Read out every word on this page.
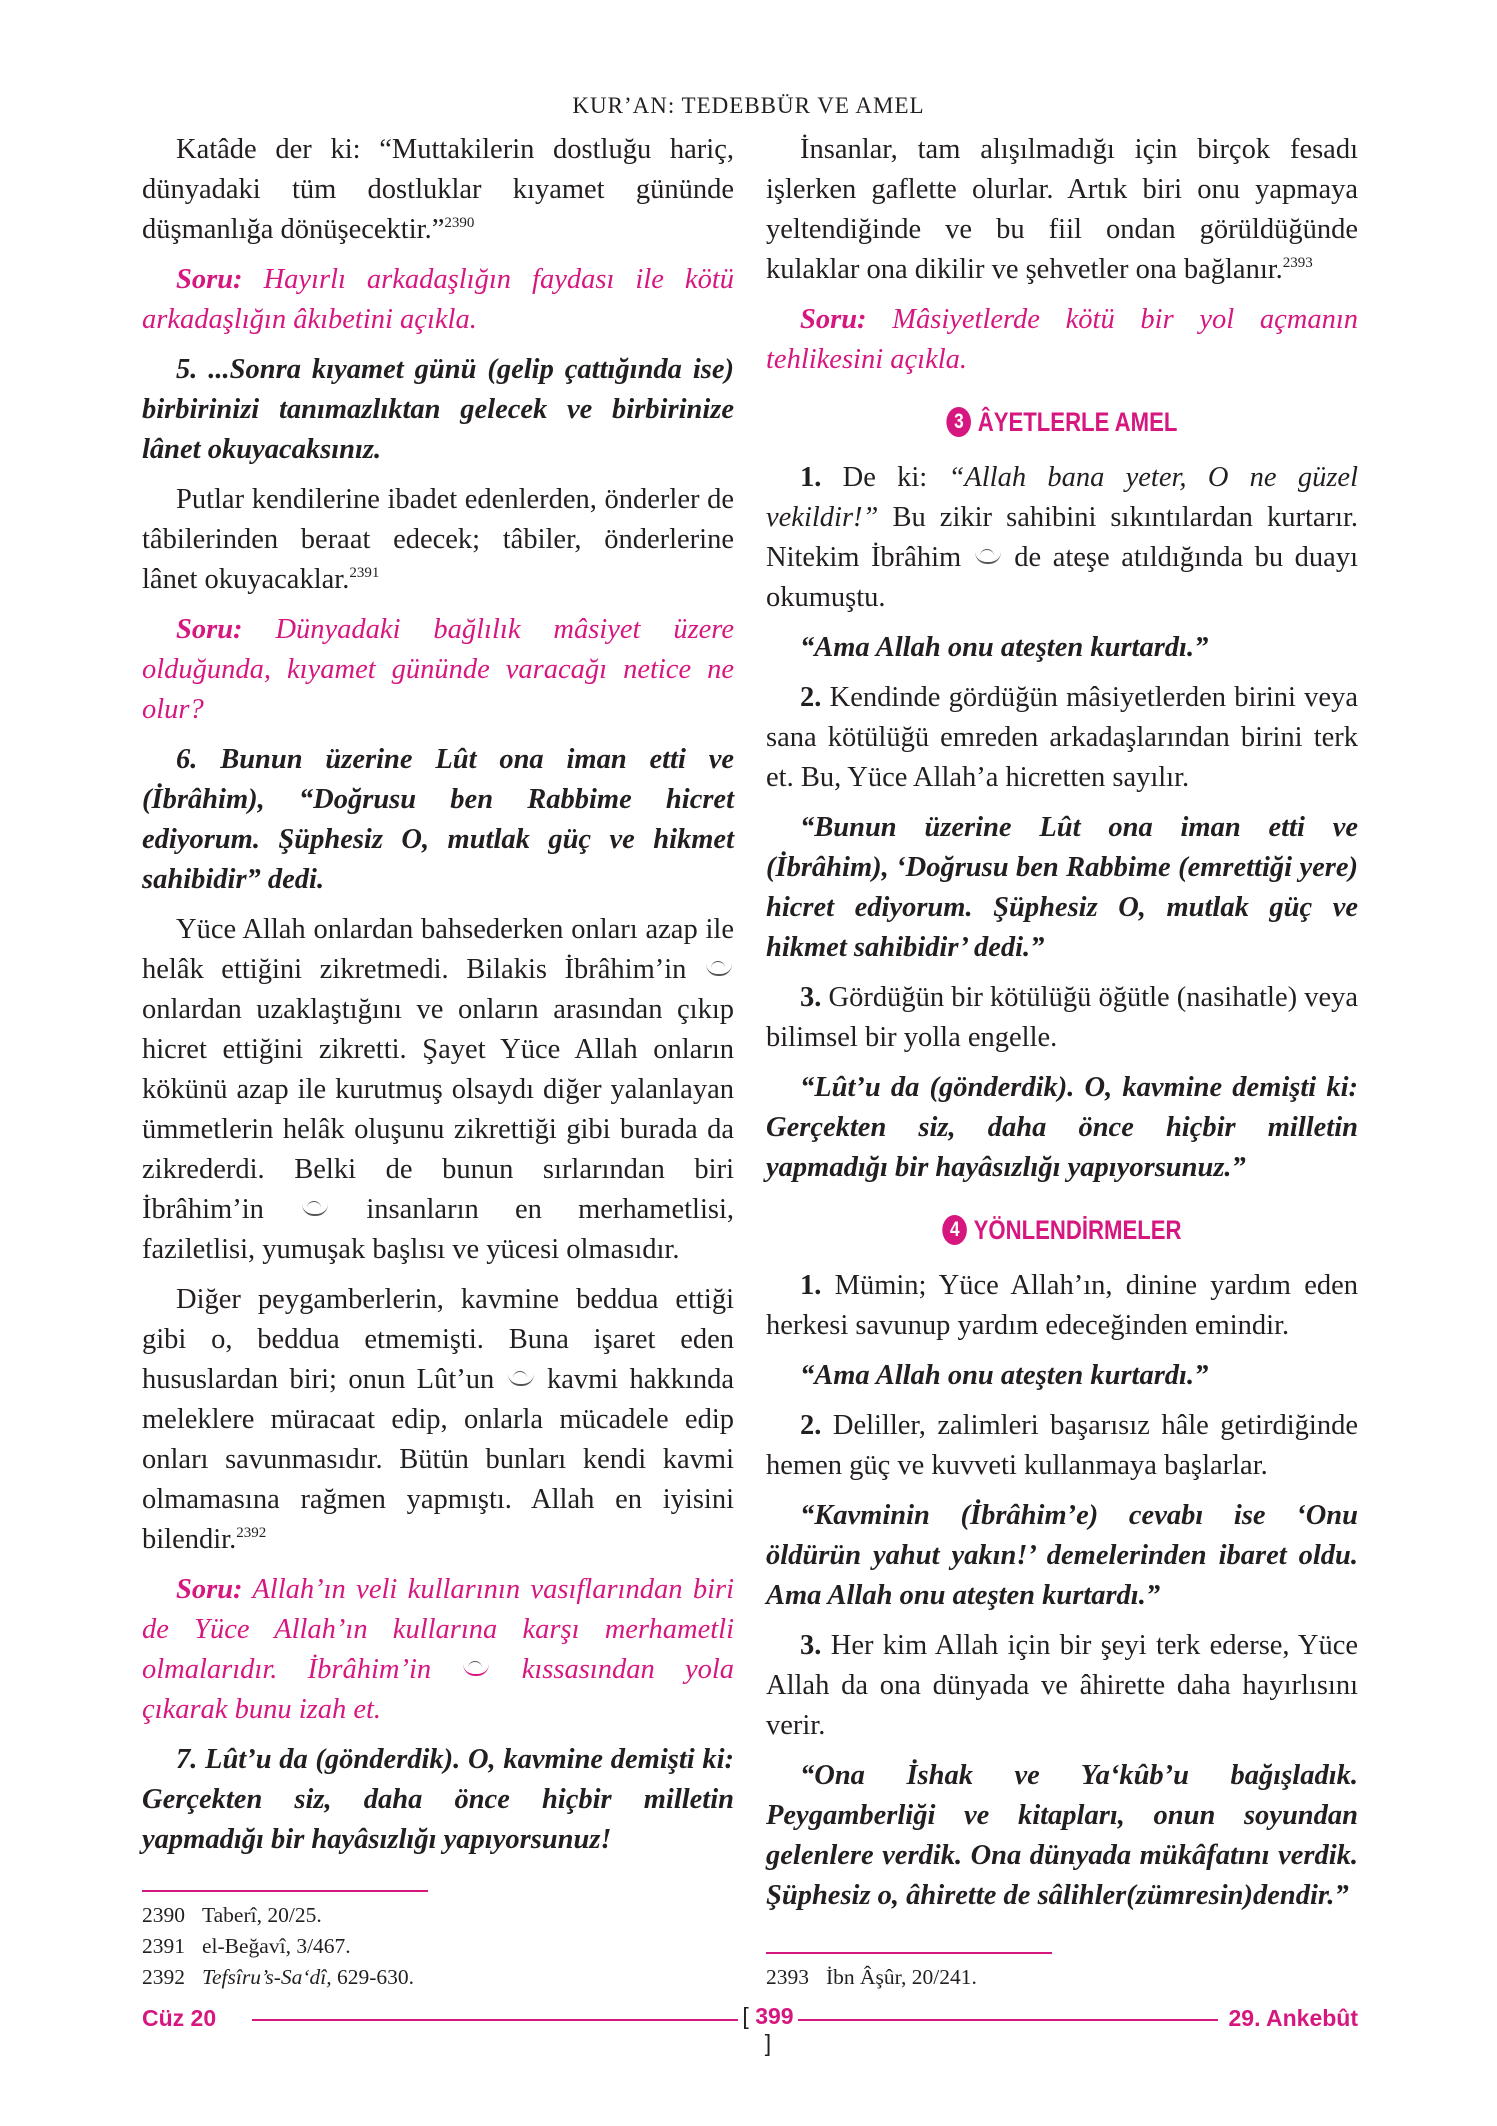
KUR’AN: TEDEBBÜR VE AMEL

Katâde der ki: “Muttakilerin dostluğu hariç, dünyadaki tüm dostluklar kıyamet gününde düşmanlığa dönüşecektir.”$^{2390}$

Soru: Hayırlı arkadaşlığın faydası ile kötü arkadaşlığın âkıbetini açıkla.

5. ...Sonra kıyamet günü (gelip çattığında ise) birbirinizi tanımazlıktan gelecek ve birbirinize lânet okuyacaksınız.

Putlar kendilerine ibadet edenlerden, önderler de tâbilerinden beraat edecek; tâbiler, önderlerine lânet okuyacaklar.$^{2391}$

Soru: Dünyadaki bağlılık mâsiyet üzere olduğunda, kıyamet gününde varacağı netice ne olur?

6. Bunun üzerine Lût ona iman etti ve (İbrâhim), “Doğrusu ben Rabbime hicret ediyorum. Şüphesiz O, mutlak güç ve hikmet sahibidir” dedi.

Yüce Allah onlardan bahsederken onları azap ile helâk ettiğini zikretmedi. Bilakis İbrâhim’in  onlardan uzaklaştığını ve onların arasından çıkıp hicret ettiğini zikretti. Şayet Yüce Allah onların kökünü azap ile kurutmuş olsaydı diğer yalanlayan ümmetlerin helâk oluşunu zikrettiği gibi burada da zikrederdi. Belki de bunun sırlarından biri İbrâhim’in	insanların en merhametlisi, faziletlisi, yumuşak başlısı ve yücesi olmasıdır.

Diğer peygamberlerin, kavmine beddua ettiği gibi o, beddua etmemişti. Buna işaret eden hususlardan biri; onun Lût’un kavmi hakkında meleklere müracaat edip, onlarla mücadele edip onları savunmasıdır. Bütün bunları kendi kavmi olmamasına rağmen yapmıştı. Allah en iyisini bilendir.$^{2392}$

Soru: Allah’ın veli kullarının vasıflarından biri de Yüce Allah’ın kullarına karşı merhametli olmalarıdır. İbrâhim’in	kıssasından yola çıkarak bunu izah et.

7. Lût’u da (gönderdik). O, kavmine demişti ki: Gerçekten siz, daha önce hiçbir milletin yapmadığı bir hayâsızlığı yapıyorsunuz!

İnsanlar, tam alışılmadığı için birçok fesadı işlerken gaflette olurlar. Artık biri onu yapmaya yeltendiğinde ve bu fiil ondan görüldüğünde kulaklar ona dikilir ve şehvetler ona bağlanır.$^{2393}$

Soru: Mâsiyetlerde kötü bir yol açmanın tehlikesini açıkla.

3 ÂYETLERLE AMEL

1. De ki: “Allah bana yeter, O ne güzel vekildir!” Bu zikir sahibini sıkıntılardan kurtarır. Nitekim İbrâhim de ateşe atıldığında bu duayı okumuştu.

“Ama Allah onu ateşten kurtardı.”

2. Kendinde gördüğün mâsiyetlerden birini veya sana kötülüğü emreden arkadaşlarından birini terk et. Bu, Yüce Allah’a hicretten sayılır.

“Bunun üzerine Lût ona iman etti ve (İbrâhim), ‘Doğrusu ben Rabbime (emrettiği yere) hicret ediyorum. Şüphesiz O, mutlak güç ve hikmet sahibidir’ dedi.”

3. Gördüğün bir kötülüğü öğütle (nasihatle) veya bilimsel bir yolla engelle.

“Lût’u da (gönderdik). O, kavmine demişti ki: Gerçekten siz, daha önce hiçbir milletin yapmadığı bir hayâsızlığı yapıyorsunuz.”

4 YÖNLENDİRMELER

1. Mümin; Yüce Allah’ın, dinine yardım eden herkesi savunup yardım edeceğinden emindir.

“Ama Allah onu ateşten kurtardı.”

2. Deliller, zalimleri başarısız hâle getirdiğinde hemen güç ve kuvveti kullanmaya başlarlar.

“Kavminin (İbrâhim’e) cevabı ise ‘Onu öldürün yahut yakın!’ demelerinden ibaret oldu. Ama Allah onu ateşten kurtardı.”

3. Her kim Allah için bir şeyi terk ederse, Yüce Allah da ona dünyada ve âhirette daha hayırlısını verir.

“Ona İshak ve Ya‘kûb’u bağışladık. Peygamberliği ve kitapları, onun soyundan gelenlere verdik. Ona dünyada mükâfatını verdik. Şüphesiz o, âhirette de sâlihler(zümresin)dendir.”

2390 Taberî, 20/25.
2391 el-Beğavî, 3/467.
2392 Tefsîru’s-Sa‘dî, 629-630.	2393 İbn Âşûr, 20/241.
Cüz 20	[ 399 ]
29. Ankebût
